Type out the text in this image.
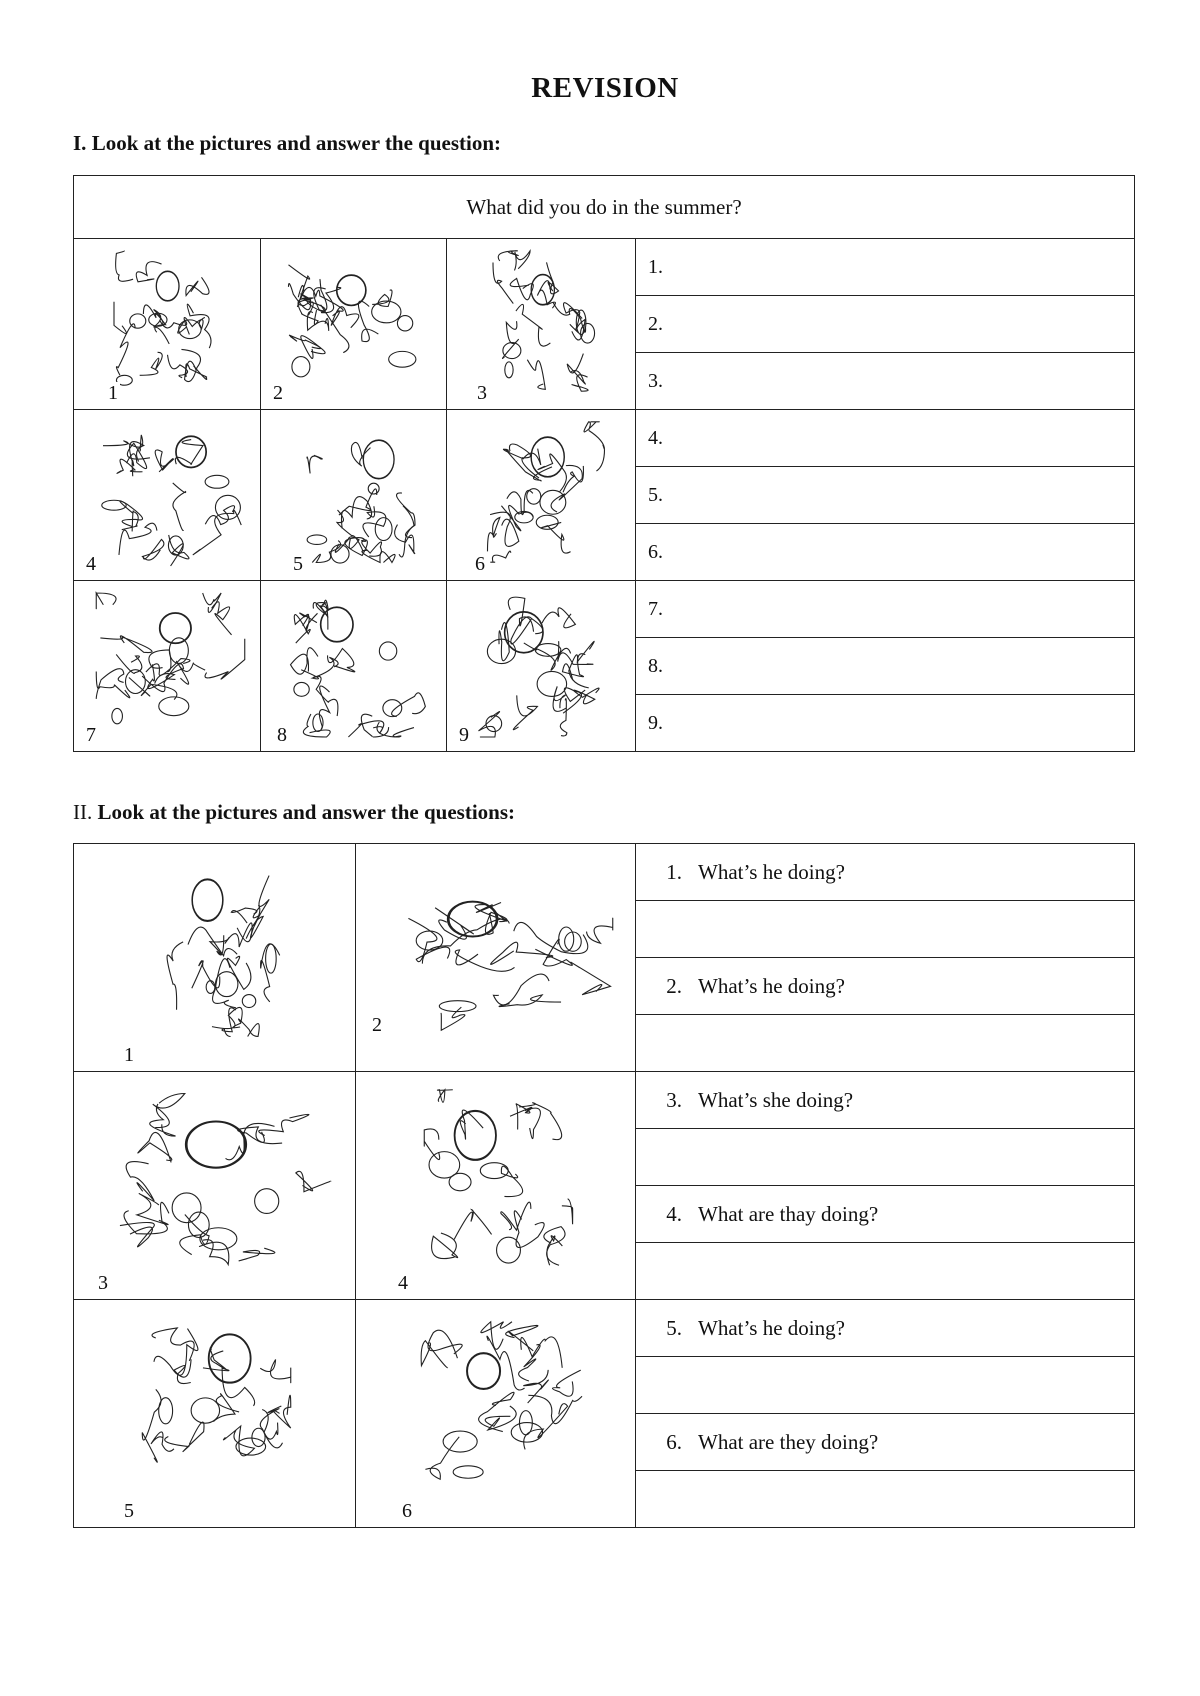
REVISION
I. Look at the pictures and answer the question:
What did you do in the summer?			

1	2	3	1.
			2.
			3.

4	5	6	4.
			5.
			6.

7	8	9	7.
			8.
			9.
II. Look at the pictures and answer the questions:
1	2	1. What’s he doing?

		2. What’s he doing?

3	4	3. What’s she doing?

		4. What are thay doing?

5	6	5. What’s he doing?

		6. What are they doing?
